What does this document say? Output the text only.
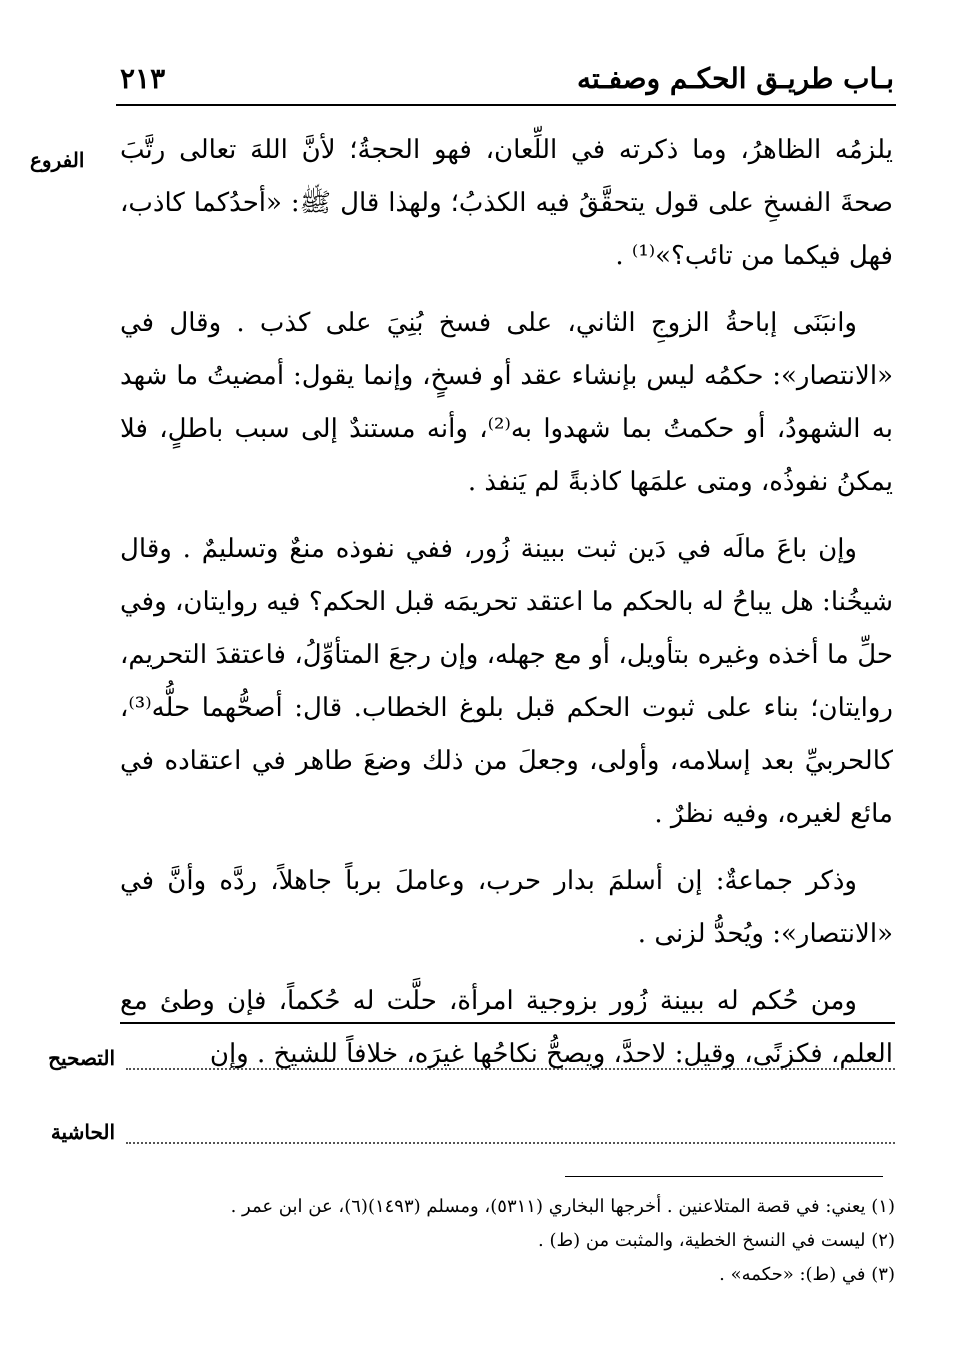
بـاب طريـق الحكـم وصفـته
٢١٣
الفروع يلزمُه الظاهرُ، وما ذكرته في اللِّعان، فهو الحجةُ؛ لأنَّ اللهَ تعالى رتَّبَ صحةَ الفسخِ على قول يتحقَّقُ فيه الكذبُ؛ ولهذا قال ﷺ: «أحدُكما كاذب، فهل فيكما من تائب؟»⁽¹⁾ .

وانبَنَى إباحةُ الزوجِ الثاني، على فسخ بُنِيَ على كذب . وقال في «الانتصار»: حكمُه ليس بإنشاء عقد أو فسخٍ، وإنما يقول: أمضيتُ ما شهد به الشهودُ، أو حكمتُ بما شهدوا به⁽²⁾، وأنه مستندٌ إلى سبب باطلٍ، فلا يمكنُ نفوذُه، ومتى علمَها كاذبةً لم يَنفذ .

وإن باعَ مالَه في دَين ثبت ببينة زُور، ففي نفوذه منعٌ وتسليمٌ . وقال شيخُنا: هل يباحُ له بالحكم ما اعتقد تحريمَه قبل الحكم؟ فيه روايتان، وفي حلِّ ما أخذه وغيره بتأويل، أو مع جهله، وإن رجعَ المتأوِّلُ، فاعتقدَ التحريم، روايتان؛ بناء على ثبوت الحكم قبل بلوغ الخطاب. قال: أصحُّهما حلُّه⁽³⁾، كالحربيِّ بعد إسلامه، وأولى، وجعلَ من ذلك وضعَ طاهر في اعتقاده في مائع لغيره، وفيه نظرٌ .

وذكر جماعةٌ: إن أسلمَ بدار حرب، وعاملَ برباً جاهلاً، ردَّه وأنَّ في «الانتصار»: ويُحدُّ لزنى .

ومن حُكم له ببينة زُور بزوجية امرأة، حلَّت له حُكماً، فإن وطئ مع العلم، فكزنًى، وقيل: لاحدَّ، ويصحُّ نكاحُها غيرَه، خلافاً للشيخ . وإن

التصحيح
الحاشية
(١) يعني: في قصة المتلاعنين . أخرجها البخاري (٥٣١١)، ومسلم (١٤٩٣)(٦)، عن ابن عمر .
(٢) ليست في النسخ الخطية، والمثبت من (ط) .
(٣) في (ط): «حكمه» .
